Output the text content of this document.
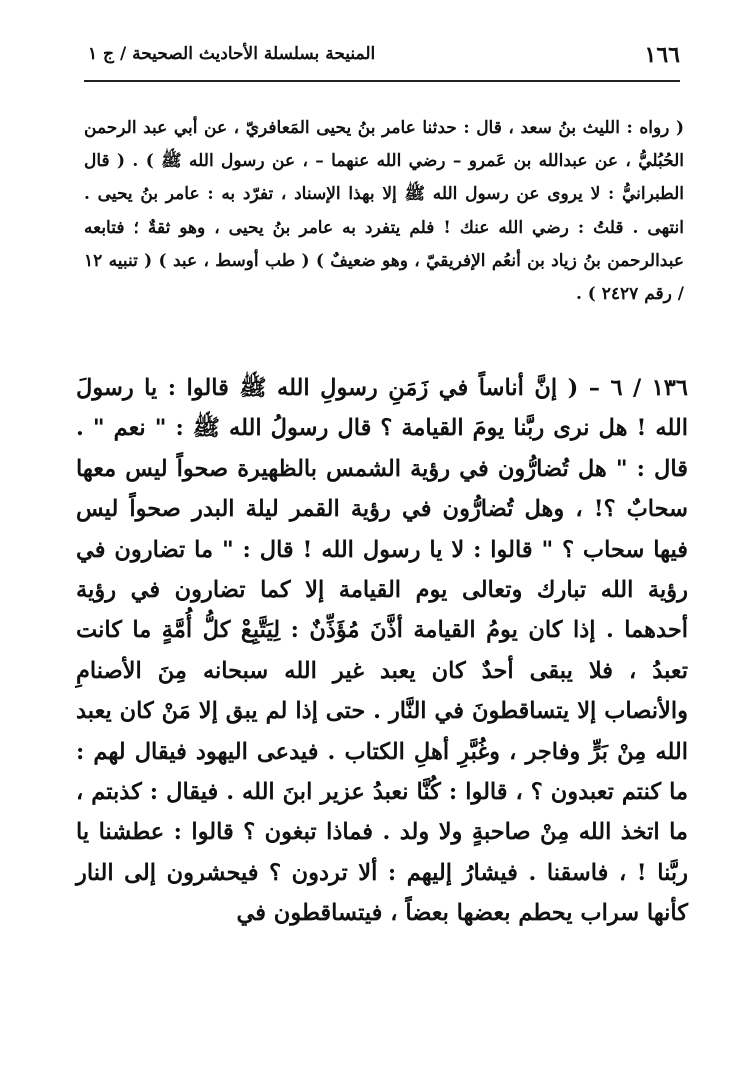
١٦٦
المنيحة بسلسلة الأحاديث الصحيحة / ج ١

( رواه : الليث بنُ سعد ، قال : حدثنا عامر بنُ يحيى المَعافريّ ، عن أبي عبد الرحمن الحُبُليُّ ، عن عبدالله بن عَمرو – رضي الله عنهما – ، عن رسول الله ﷺ ) . ( قال الطبرانيُّ : لا يروى عن رسول الله ﷺ إلا بهذا الإسناد ، تفرّد به : عامر بنُ يحيى . انتهى . قلتُ : رضي الله عنك ! فلم يتفرد به عامر بنُ يحيى ، وهو ثقةٌ ؛ فتابعه عبدالرحمن بنُ زياد بن أنعُم الإفريقيّ ، وهو ضعيفٌ ) ( طب أوسط ، عبد ) ( تنبيه ١٢ / رقم ٢٤٢٧ ) .

١٣٦ / ٦ – ( إنَّ أناساً في زَمَنِ رسولِ الله ﷺ قالوا : يا رسولَ الله ! هل نرى ربَّنا يومَ القيامة ؟ قال رسولُ الله ﷺ : " نعم " . قال : " هل تُضارُّون في رؤية الشمس بالظهيرة صحواً ليس معها سحابٌ ؟! ، وهل تُضارُّون في رؤية القمر ليلة البدر صحواً ليس فيها سحاب ؟ " قالوا : لا يا رسول الله ! قال : " ما تضارون في رؤية الله تبارك وتعالى يوم القيامة إلا كما تضارون في رؤية أحدهما . إذا كان يومُ القيامة أذَّنَ مُؤَذِّنٌ : لِيَتَّبِعْ كلُّ أُمَّةٍ ما كانت تعبدُ ، فلا يبقى أحدٌ كان يعبد غير الله سبحانه مِنَ الأصنامِ والأنصاب إلا يتساقطونَ في النَّار . حتى إذا لم يبق إلا مَنْ كان يعبد الله مِنْ بَرٍّ وفاجر ، وغُبَّرِ أهلِ الكتاب . فيدعى اليهود فيقال لهم : ما كنتم تعبدون ؟ ، قالوا : كُنَّا نعبدُ عزير ابنَ الله . فيقال : كذبتم ، ما اتخذ الله مِنْ صاحبةٍ ولا ولد . فماذا تبغون ؟ قالوا : عطشنا يا ربَّنا ! ، فاسقنا . فيشارُ إليهم : ألا تردون ؟ فيحشرون إلى النار كأنها سراب يحطم بعضها بعضاً ، فيتساقطون في
